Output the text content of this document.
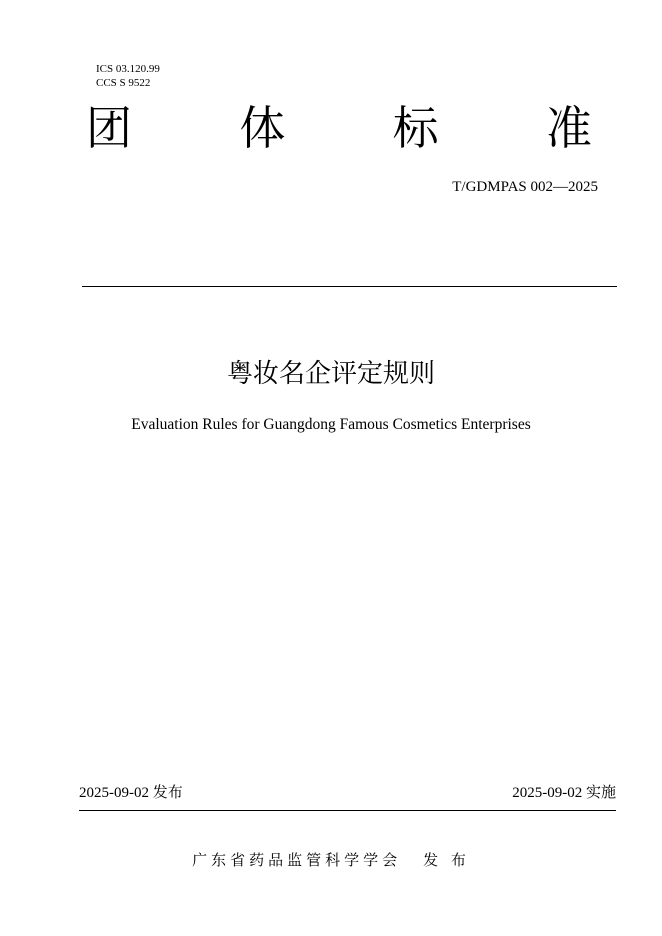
ICS 03.120.99
CCS S 9522
团 体 标 准
T/GDMPAS 002—2025
粤妆名企评定规则
Evaluation Rules for Guangdong Famous Cosmetics Enterprises
2025-09-02 发布	2025-09-02 实施
广东省药品监管科学学会 发 布
